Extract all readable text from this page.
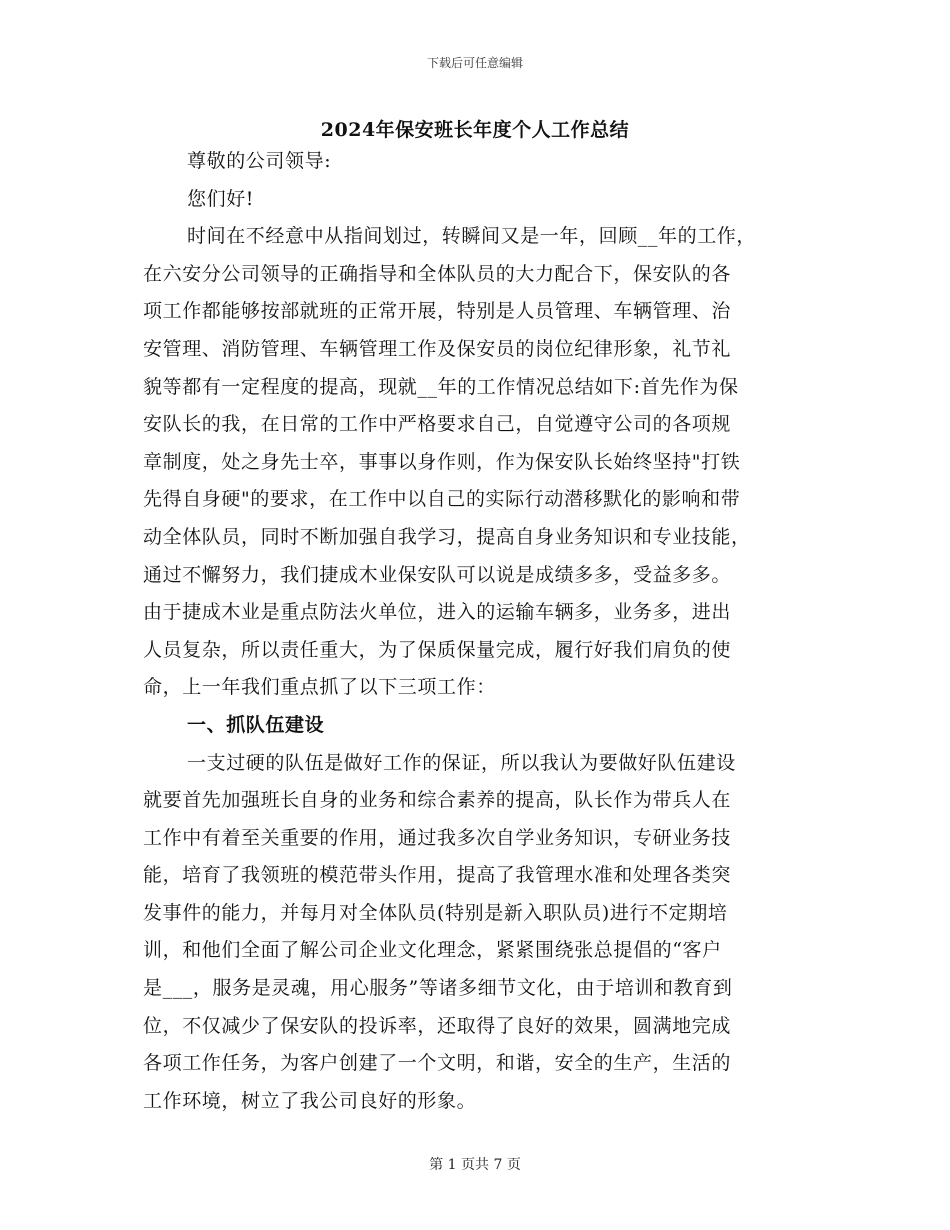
下载后可任意编辑
2024年保安班长年度个人工作总结
尊敬的公司领导:
您们好!
时间在不经意中从指间划过，转瞬间又是一年，回顾__年的工作，
在六安分公司领导的正确指导和全体队员的大力配合下，保安队的各
项工作都能够按部就班的正常开展，特别是人员管理、车辆管理、治
安管理、消防管理、车辆管理工作及保安员的岗位纪律形象，礼节礼
貌等都有一定程度的提高，现就__年的工作情况总结如下:首先作为保
安队长的我，在日常的工作中严格要求自己，自觉遵守公司的各项规
章制度，处之身先士卒，事事以身作则，作为保安队长始终坚持"打铁
先得自身硬"的要求，在工作中以自己的实际行动潜移默化的影响和带
动全体队员，同时不断加强自我学习，提高自身业务知识和专业技能，
通过不懈努力，我们捷成木业保安队可以说是成绩多多，受益多多。
由于捷成木业是重点防法火单位，进入的运输车辆多，业务多，进出
人员复杂，所以责任重大，为了保质保量完成，履行好我们肩负的使
命，上一年我们重点抓了以下三项工作：
一、抓队伍建设
一支过硬的队伍是做好工作的保证，所以我认为要做好队伍建设
就要首先加强班长自身的业务和综合素养的提高，队长作为带兵人在
工作中有着至关重要的作用，通过我多次自学业务知识，专研业务技
能，培育了我领班的模范带头作用，提高了我管理水准和处理各类突
发事件的能力，并每月对全体队员(特别是新入职队员)进行不定期培
训，和他们全面了解公司企业文化理念，紧紧围绕张总提倡的“客户
是___，服务是灵魂，用心服务”等诸多细节文化，由于培训和教育到
位，不仅减少了保安队的投诉率，还取得了良好的效果，圆满地完成
各项工作任务，为客户创建了一个文明，和谐，安全的生产，生活的
工作环境，树立了我公司良好的形象。
第 1 页共 7 页
